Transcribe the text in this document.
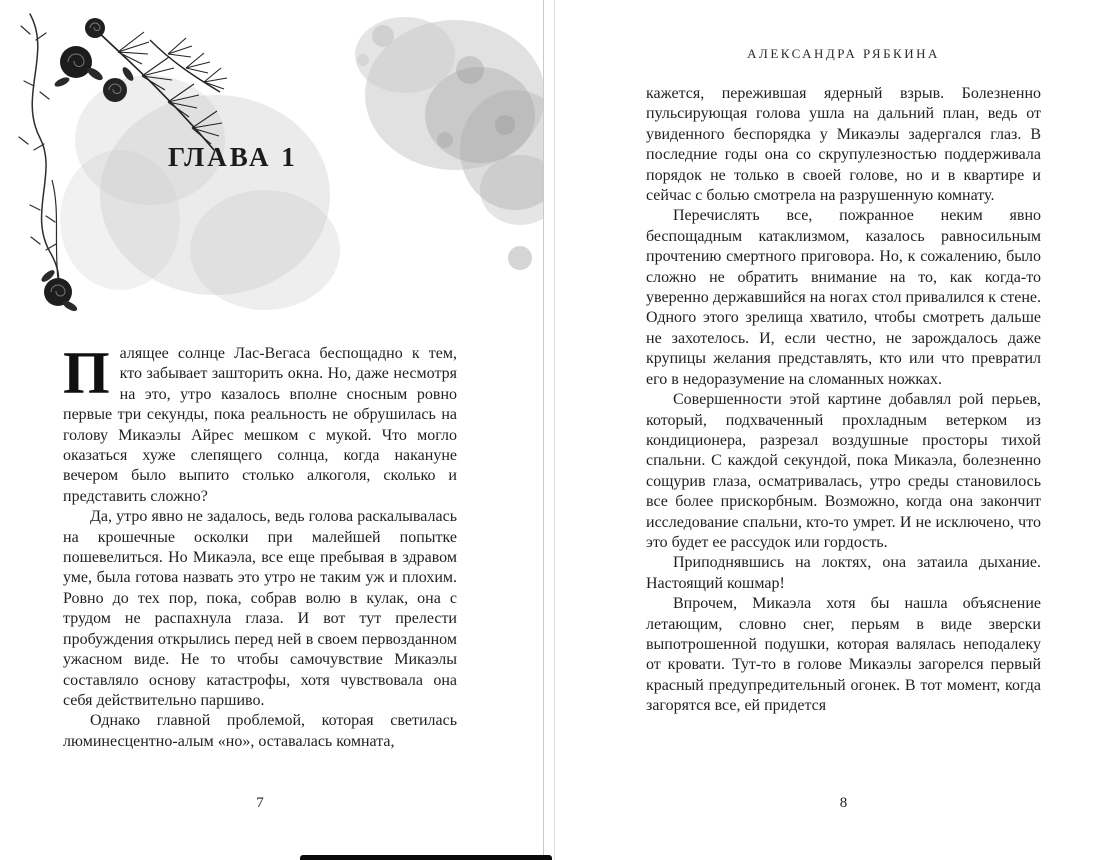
ГЛАВА 1

Палящее солнце Лас-Вегаса беспощадно к тем, кто забывает зашторить окна. Но, даже несмотря на это, утро казалось вполне сносным ровно первые три секунды, пока реальность не обрушилась на голову Микаэлы Айрес мешком с мукой. Что могло оказаться хуже слепящего солнца, когда накануне вечером было выпито столько алкоголя, сколько и представить сложно?

Да, утро явно не задалось, ведь голова раскалывалась на крошечные осколки при малейшей попытке пошевелиться. Но Микаэла, все еще пребывая в здравом уме, была готова назвать это утро не таким уж и плохим. Ровно до тех пор, пока, собрав волю в кулак, она с трудом не распахнула глаза. И вот тут прелести пробуждения открылись перед ней в своем первозданном ужасном виде. Не то чтобы самочувствие Микаэлы составляло основу катастрофы, хотя чувствовала она себя действительно паршиво.

Однако главной проблемой, которая светилась люминесцентно-алым «но», оставалась комната,

7
АЛЕКСАНДРА РЯБКИНА

кажется, пережившая ядерный взрыв. Болезненно пульсирующая голова ушла на дальний план, ведь от увиденного беспорядка у Микаэлы задергался глаз. В последние годы она со скрупулезностью поддерживала порядок не только в своей голове, но и в квартире и сейчас с болью смотрела на разрушенную комнату.

Перечислять все, пожранное неким явно беспощадным катаклизмом, казалось равносильным прочтению смертного приговора. Но, к сожалению, было сложно не обратить внимание на то, как когда-то уверенно державшийся на ногах стол привалился к стене. Одного этого зрелища хватило, чтобы смотреть дальше не захотелось. И, если честно, не зарождалось даже крупицы желания представлять, кто или что превратил его в недоразумение на сломанных ножках.

Совершенности этой картине добавлял рой перьев, который, подхваченный прохладным ветерком из кондиционера, разрезал воздушные просторы тихой спальни. С каждой секундой, пока Микаэла, болезненно сощурив глаза, осматривалась, утро среды становилось все более прискорбным. Возможно, когда она закончит исследование спальни, кто-то умрет. И не исключено, что это будет ее рассудок или гордость.

Приподнявшись на локтях, она затаила дыхание. Настоящий кошмар!

Впрочем, Микаэла хотя бы нашла объяснение летающим, словно снег, перьям в виде зверски выпотрошенной подушки, которая валялась неподалеку от кровати. Тут-то в голове Микаэлы загорелся первый красный предупредительный огонек. В тот момент, когда загорятся все, ей придется

8
